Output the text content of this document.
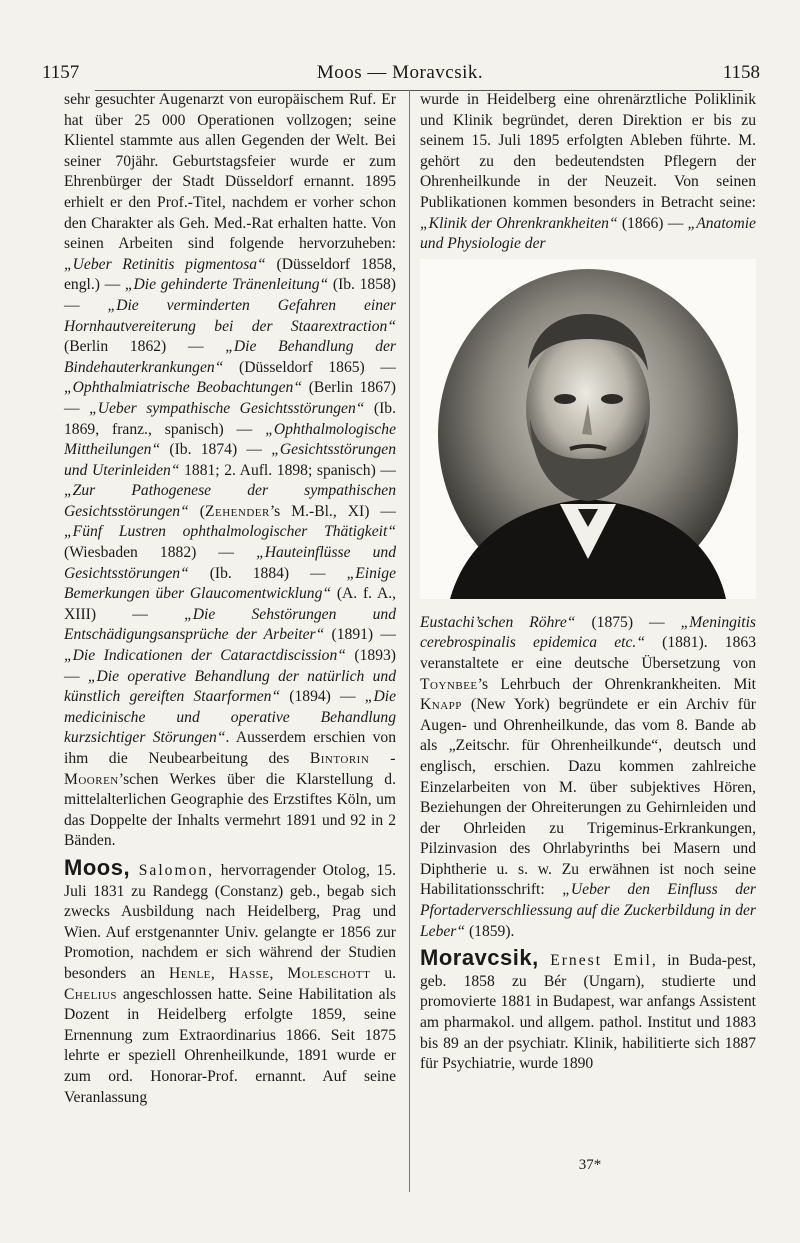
1157	Moos — Moravcsik.	1158

sehr gesuchter Augenarzt von europäischem Ruf. Er hat über 25 000 Operationen vollzogen; seine Klientel stammte aus allen Gegenden der Welt. Bei seiner 70jähr. Geburtstagsfeier wurde er zum Ehrenbürger der Stadt Düsseldorf ernannt. 1895 erhielt er den Prof.-Titel, nachdem er vorher schon den Charakter als Geh. Med.-Rat erhalten hatte. Von seinen Arbeiten sind folgende hervorzuheben: „Ueber Retinitis pigmentosa“ (Düsseldorf 1858, engl.) — „Die gehinderte Tränenleitung“ (Ib. 1858) — „Die verminderten Gefahren einer Hornhautvereiterung bei der Staarextraction“ (Berlin 1862) — „Die Behandlung der Bindehauterkrankungen“ (Düsseldorf 1865) — „Ophthalmiatrische Beobachtungen“ (Berlin 1867) — „Ueber sympathische Gesichtsstörungen“ (Ib. 1869, franz., spanisch) — „Ophthalmologische Mittheilungen“ (Ib. 1874) — „Gesichtsstörungen und Uterinleiden“ 1881; 2. Aufl. 1898; spanisch) — „Zur Pathogenese der sympathischen Gesichtsstörungen“ (Zehender’s M.-Bl., XI) — „Fünf Lustren ophthalmologischer Thätigkeit“ (Wiesbaden 1882) — „Hauteinflüsse und Gesichtsstörungen“ (Ib. 1884) — „Einige Bemerkungen über Glaucomentwicklung“ (A. f. A., XIII) — „Die Sehstörungen und Entschädigungsansprüche der Arbeiter“ (1891) — „Die Indicationen der Cataractdiscission“ (1893) — „Die operative Behandlung der natürlich und künstlich gereiften Staarformen“ (1894) — „Die medicinische und operative Behandlung kurzsichtiger Störungen“. Ausserdem erschien von ihm die Neubearbeitung des Bintorin - Mooren’schen Werkes über die Klarstellung d. mittelalterlichen Geographie des Erzstiftes Köln, um das Doppelte der Inhalts vermehrt 1891 und 92 in 2 Bänden.

Moos, Salomon, hervorragender Otolog, 15. Juli 1831 zu Randegg (Constanz) geb., begab sich zwecks Ausbildung nach Heidelberg, Prag und Wien. Auf erstgenannter Univ. gelangte er 1856 zur Promotion, nachdem er sich während der Studien besonders an Henle, Hasse, Moleschott u. Chelius angeschlossen hatte. Seine Habilitation als Dozent in Heidelberg erfolgte 1859, seine Ernennung zum Extraordinarius 1866. Seit 1875 lehrte er speziell Ohrenheilkunde, 1891 wurde er zum ord. Honorar-Prof. ernannt. Auf seine Veranlassung

wurde in Heidelberg eine ohrenärztliche Poliklinik und Klinik begründet, deren Direktion er bis zu seinem 15. Juli 1895 erfolgten Ableben führte. M. gehört zu den bedeutendsten Pflegern der Ohrenheilkunde in der Neuzeit. Von seinen Publikationen kommen besonders in Betracht seine: „Klinik der Ohrenkrankheiten“ (1866) — „Anatomie und Physiologie der

Eustachi’schen Röhre“ (1875) — „Meningitis cerebrospinalis epidemica etc.“ (1881). 1863 veranstaltete er eine deutsche Übersetzung von Toynbee’s Lehrbuch der Ohrenkrankheiten. Mit Knapp (New York) begründete er ein Archiv für Augen- und Ohrenheilkunde, das vom 8. Bande ab als „Zeitschr. für Ohrenheilkunde“, deutsch und englisch, erschien. Dazu kommen zahlreiche Einzelarbeiten von M. über subjektives Hören, Beziehungen der Ohreiterungen zu Gehirnleiden und der Ohrleiden zu Trigeminus-Erkrankungen, Pilzinvasion des Ohrlabyrinths bei Masern und Diphtherie u. s. w. Zu erwähnen ist noch seine Habilitationsschrift: „Ueber den Einfluss der Pfortaderverschliessung auf die Zuckerbildung in der Leber“ (1859).

Moravcsik, Ernest Emil, in Buda-pest, geb. 1858 zu Bér (Ungarn), studierte und promovierte 1881 in Budapest, war anfangs Assistent am pharmakol. und allgem. pathol. Institut und 1883 bis 89 an der psychiatr. Klinik, habilitierte sich 1887 für Psychiatrie, wurde 1890

37*
